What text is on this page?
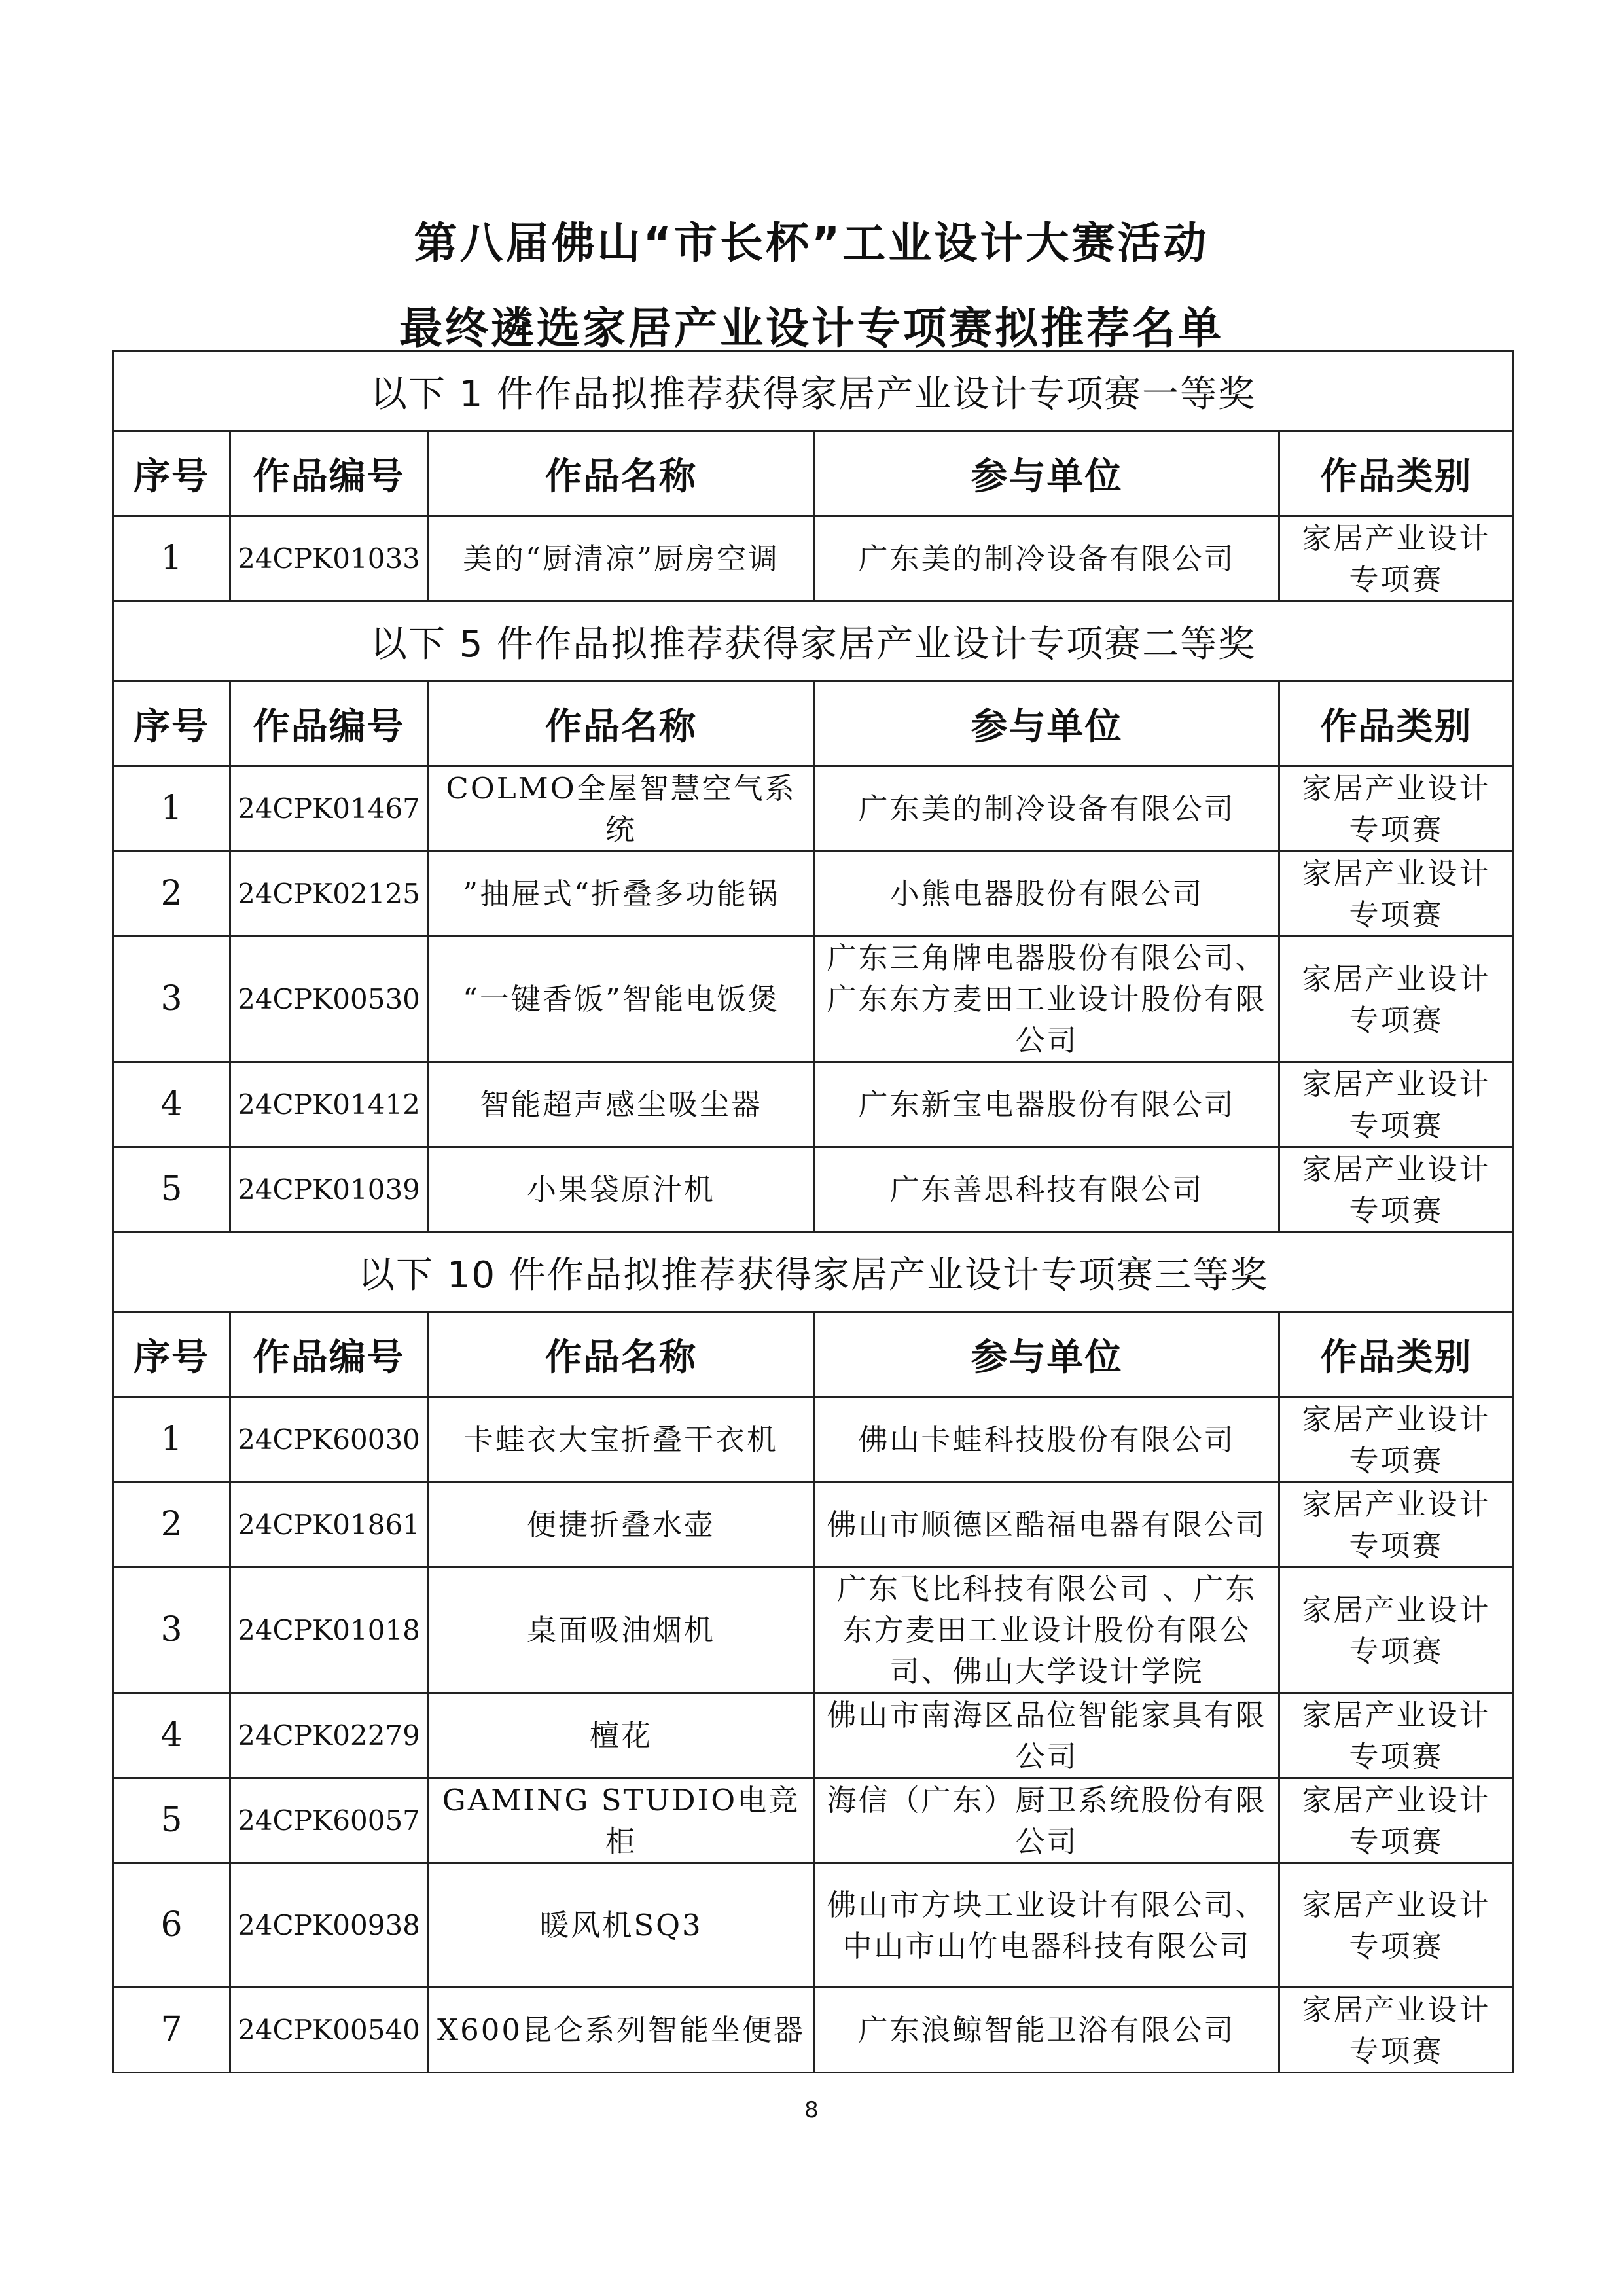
第八届佛山“市长杯”工业设计大赛活动
最终遴选家居产业设计专项赛拟推荐名单
以下 1 件作品拟推荐获得家居产业设计专项赛一等奖				
序号	作品编号	作品名称	参与单位	作品类别
1	24CPK01033	美的“厨清凉”厨房空调	广东美的制冷设备有限公司	家居产业设计专项赛
以下 5 件作品拟推荐获得家居产业设计专项赛二等奖				
序号	作品编号	作品名称	参与单位	作品类别
1	24CPK01467	COLMO全屋智慧空气系统	广东美的制冷设备有限公司	家居产业设计专项赛
2	24CPK02125	”抽屉式“折叠多功能锅	小熊电器股份有限公司	家居产业设计专项赛
3	24CPK00530	“一键香饭”智能电饭煲	广东三角牌电器股份有限公司、广东东方麦田工业设计股份有限公司	家居产业设计专项赛
4	24CPK01412	智能超声感尘吸尘器	广东新宝电器股份有限公司	家居产业设计专项赛
5	24CPK01039	小果袋原汁机	广东善思科技有限公司	家居产业设计专项赛
以下 10 件作品拟推荐获得家居产业设计专项赛三等奖				
序号	作品编号	作品名称	参与单位	作品类别
1	24CPK60030	卡蛙衣大宝折叠干衣机	佛山卡蛙科技股份有限公司	家居产业设计专项赛
2	24CPK01861	便捷折叠水壶	佛山市顺德区酷福电器有限公司	家居产业设计专项赛
3	24CPK01018	桌面吸油烟机	广东飞比科技有限公司 、广东东方麦田工业设计股份有限公司、佛山大学设计学院	家居产业设计专项赛
4	24CPK02279	檀花	佛山市南海区品位智能家具有限公司	家居产业设计专项赛
5	24CPK60057	GAMING STUDIO电竞柜	海信（广东）厨卫系统股份有限公司	家居产业设计专项赛
6	24CPK00938	暖风机SQ3	佛山市方块工业设计有限公司、中山市山竹电器科技有限公司	家居产业设计专项赛
7	24CPK00540	X600昆仑系列智能坐便器	广东浪鲸智能卫浴有限公司	家居产业设计专项赛
8
